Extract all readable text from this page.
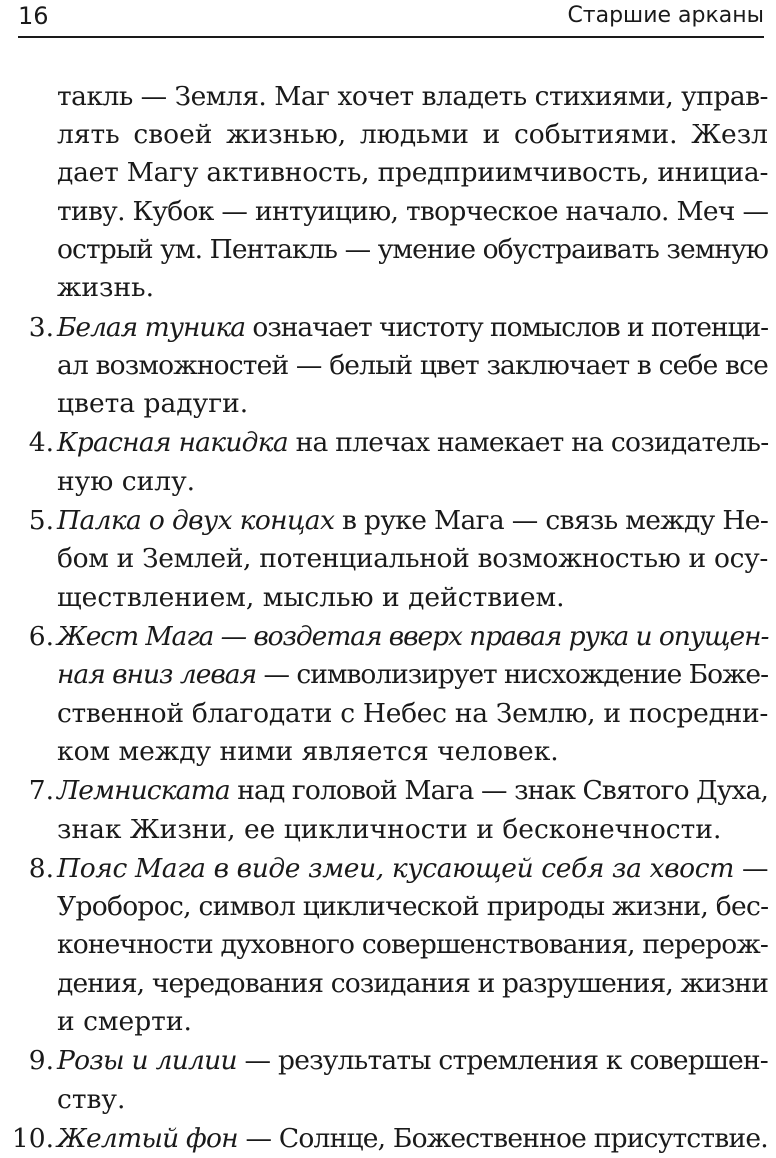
16	Старшие арканы
такль — Земля. Маг хочет владеть стихиями, управ-
лять своей жизнью, людьми и событиями. Жезл
дает Магу активность, предприимчивость, инициа-
тиву. Кубок — интуицию, творческое начало. Меч —
острый ум. Пентакль — умение обустраивать земную
жизнь.
3. Белая туника означает чистоту помыслов и потенци-
ал возможностей — белый цвет заключает в себе все
цвета радуги.
4. Красная накидка на плечах намекает на созидатель-
ную силу.
5. Палка о двух концах в руке Мага — связь между Не-
бом и Землей, потенциальной возможностью и осу-
ществлением, мыслью и действием.
6. Жест Мага — воздетая вверх правая рука и опущен-
ная вниз левая — символизирует нисхождение Боже-
ственной благодати с Небес на Землю, и посредни-
ком между ними является человек.
7. Лемниската над головой Мага — знак Святого Духа,
знак Жизни, ее цикличности и бесконечности.
8. Пояс Мага в виде змеи, кусающей себя за хвост —
Уроборос, символ циклической природы жизни, бес-
конечности духовного совершенствования, перерож-
дения, чередования созидания и разрушения, жизни
и смерти.
9. Розы и лилии — результаты стремления к совершен-
ству.
10. Желтый фон — Солнце, Божественное присутствие.
